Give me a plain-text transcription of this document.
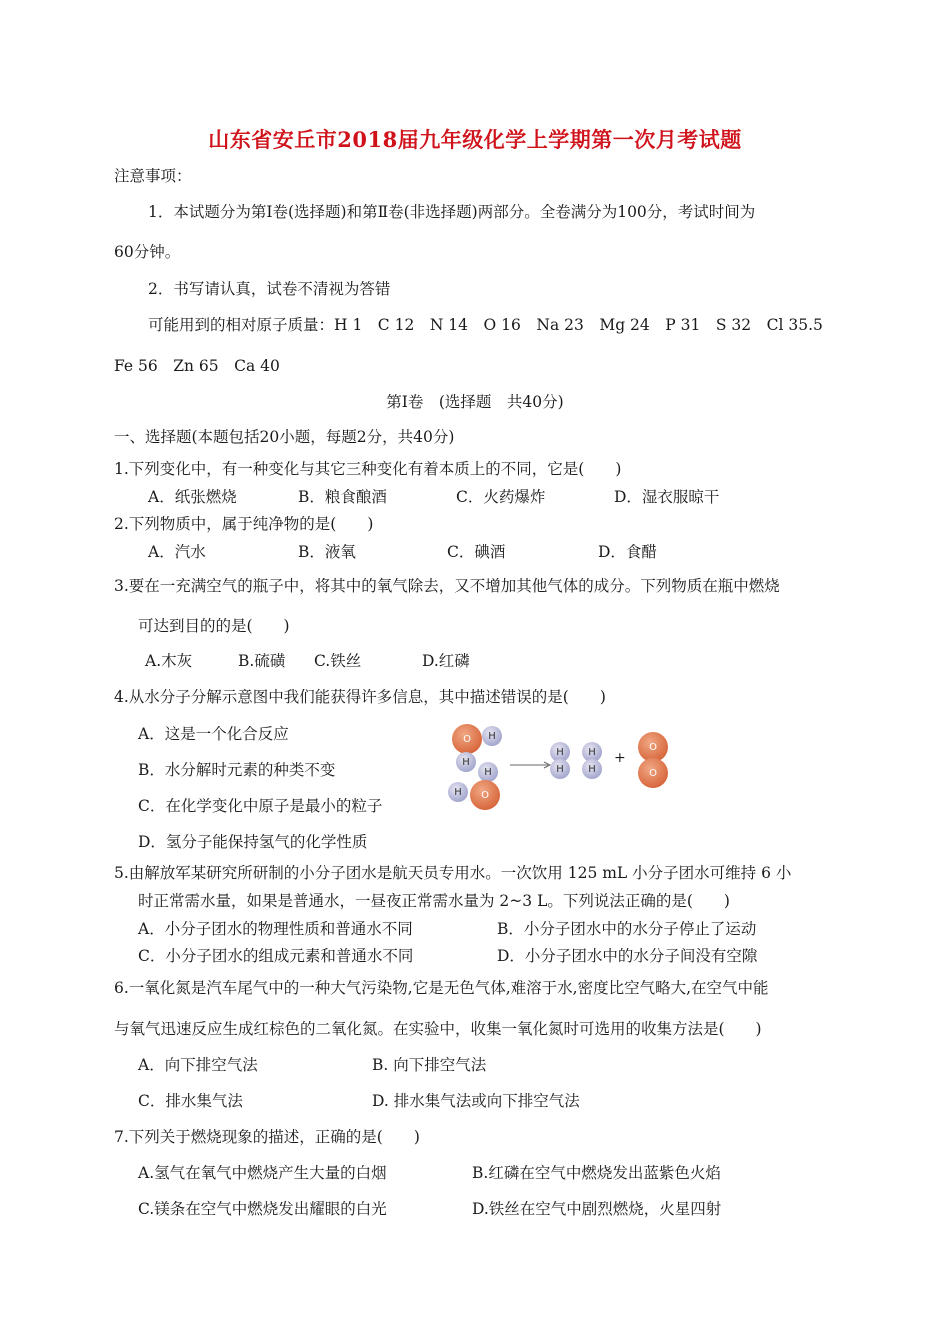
山东省安丘市2018届九年级化学上学期第一次月考试题
注意事项：
1．本试题分为第Ⅰ卷(选择题)和第Ⅱ卷(非选择题)两部分。全卷满分为100分，考试时间为
60分钟。
2．书写请认真，试卷不清视为答错
可能用到的相对原子质量：H 1　C 12　N 14　O 16　Na 23　Mg 24　P 31　S 32　Cl 35.5
Fe 56　Zn 65　Ca 40
第Ⅰ卷　(选择题　共40分)
一、选择题(本题包括20小题，每题2分，共40分)
1.下列变化中，有一种变化与其它三种变化有着本质上的不同，它是(　　)
A．纸张燃烧	B．粮食酿酒	C．火药爆炸	D．湿衣服晾干
2.下列物质中，属于纯净物的是(　　)
A．汽水	B．液氧	C．碘酒	D．食醋
3.要在一充满空气的瓶子中，将其中的氧气除去，又不增加其他气体的成分。下列物质在瓶中燃烧
可达到目的的是(　　)
A.木灰	B.硫磺 C.铁丝	D.红磷
4.从水分子分解示意图中我们能获得许多信息，其中描述错误的是(　　)
A．这是一个化合反应
B．水分解时元素的种类不变
C．在化学变化中原子是最小的粒子
D．氢分子能保持氢气的化学性质
O	H
H
H
H	O
H
H
H
H
+
O
O
5.由解放军某研究所研制的小分子团水是航天员专用水。一次饮用 125 mL 小分子团水可维持 6 小
时正常需水量，如果是普通水，一昼夜正常需水量为 2~3 L。下列说法正确的是(　　)
A．小分子团水的物理性质和普通水不同	B．小分子团水中的水分子停止了运动
C．小分子团水的组成元素和普通水不同	D．小分子团水中的水分子间没有空隙
6.一氧化氮是汽车尾气中的一种大气污染物,它是无色气体,难溶于水,密度比空气略大,在空气中能
与氧气迅速反应生成红棕色的二氧化氮。在实验中，收集一氧化氮时可选用的收集方法是(　　)
A．向下排空气法	B. 向下排空气法
C．排水集气法	D. 排水集气法或向下排空气法
7.下列关于燃烧现象的描述，正确的是(　　)
A.氢气在氧气中燃烧产生大量的白烟	B.红磷在空气中燃烧发出蓝紫色火焰
C.镁条在空气中燃烧发出耀眼的白光	D.铁丝在空气中剧烈燃烧，火星四射
